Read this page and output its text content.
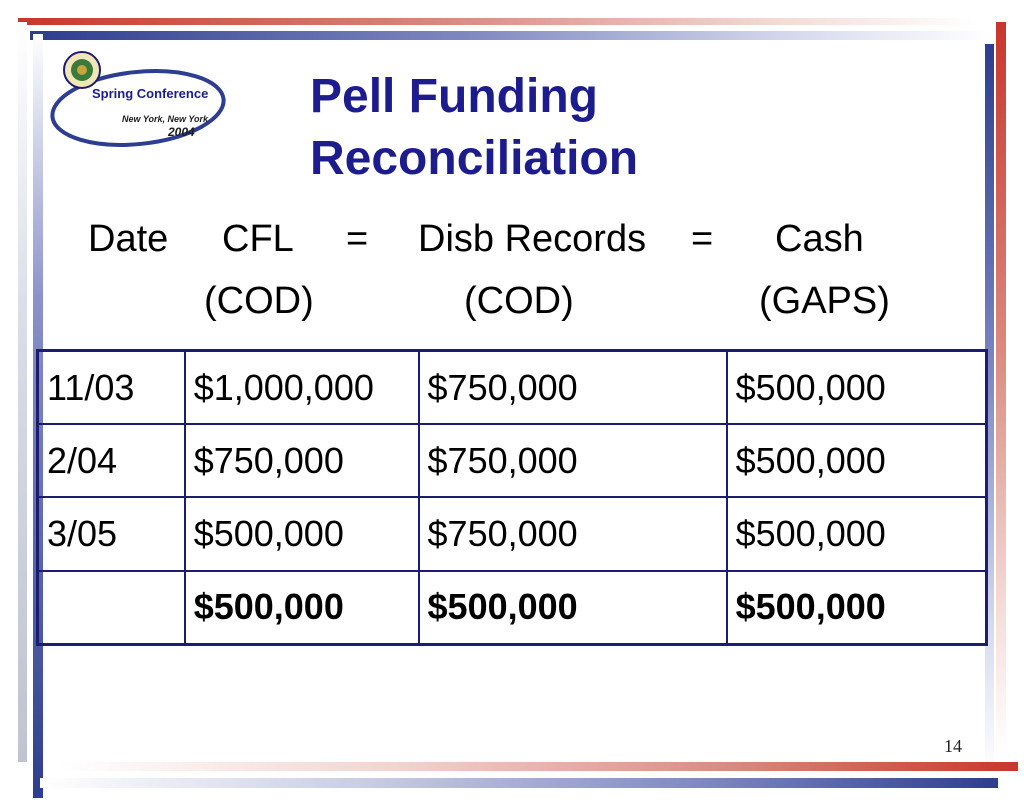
Spring Conference
New York, New York
2004
Pell Funding
Reconciliation
Date CFL = Disb Records = Cash
(COD)	(COD)	(GAPS)
11/03	$1,000,000	$750,000	$500,000
2/04	$750,000	$750,000	$500,000
3/05	$500,000	$750,000	$500,000
	$500,000	$500,000	$500,000
14
